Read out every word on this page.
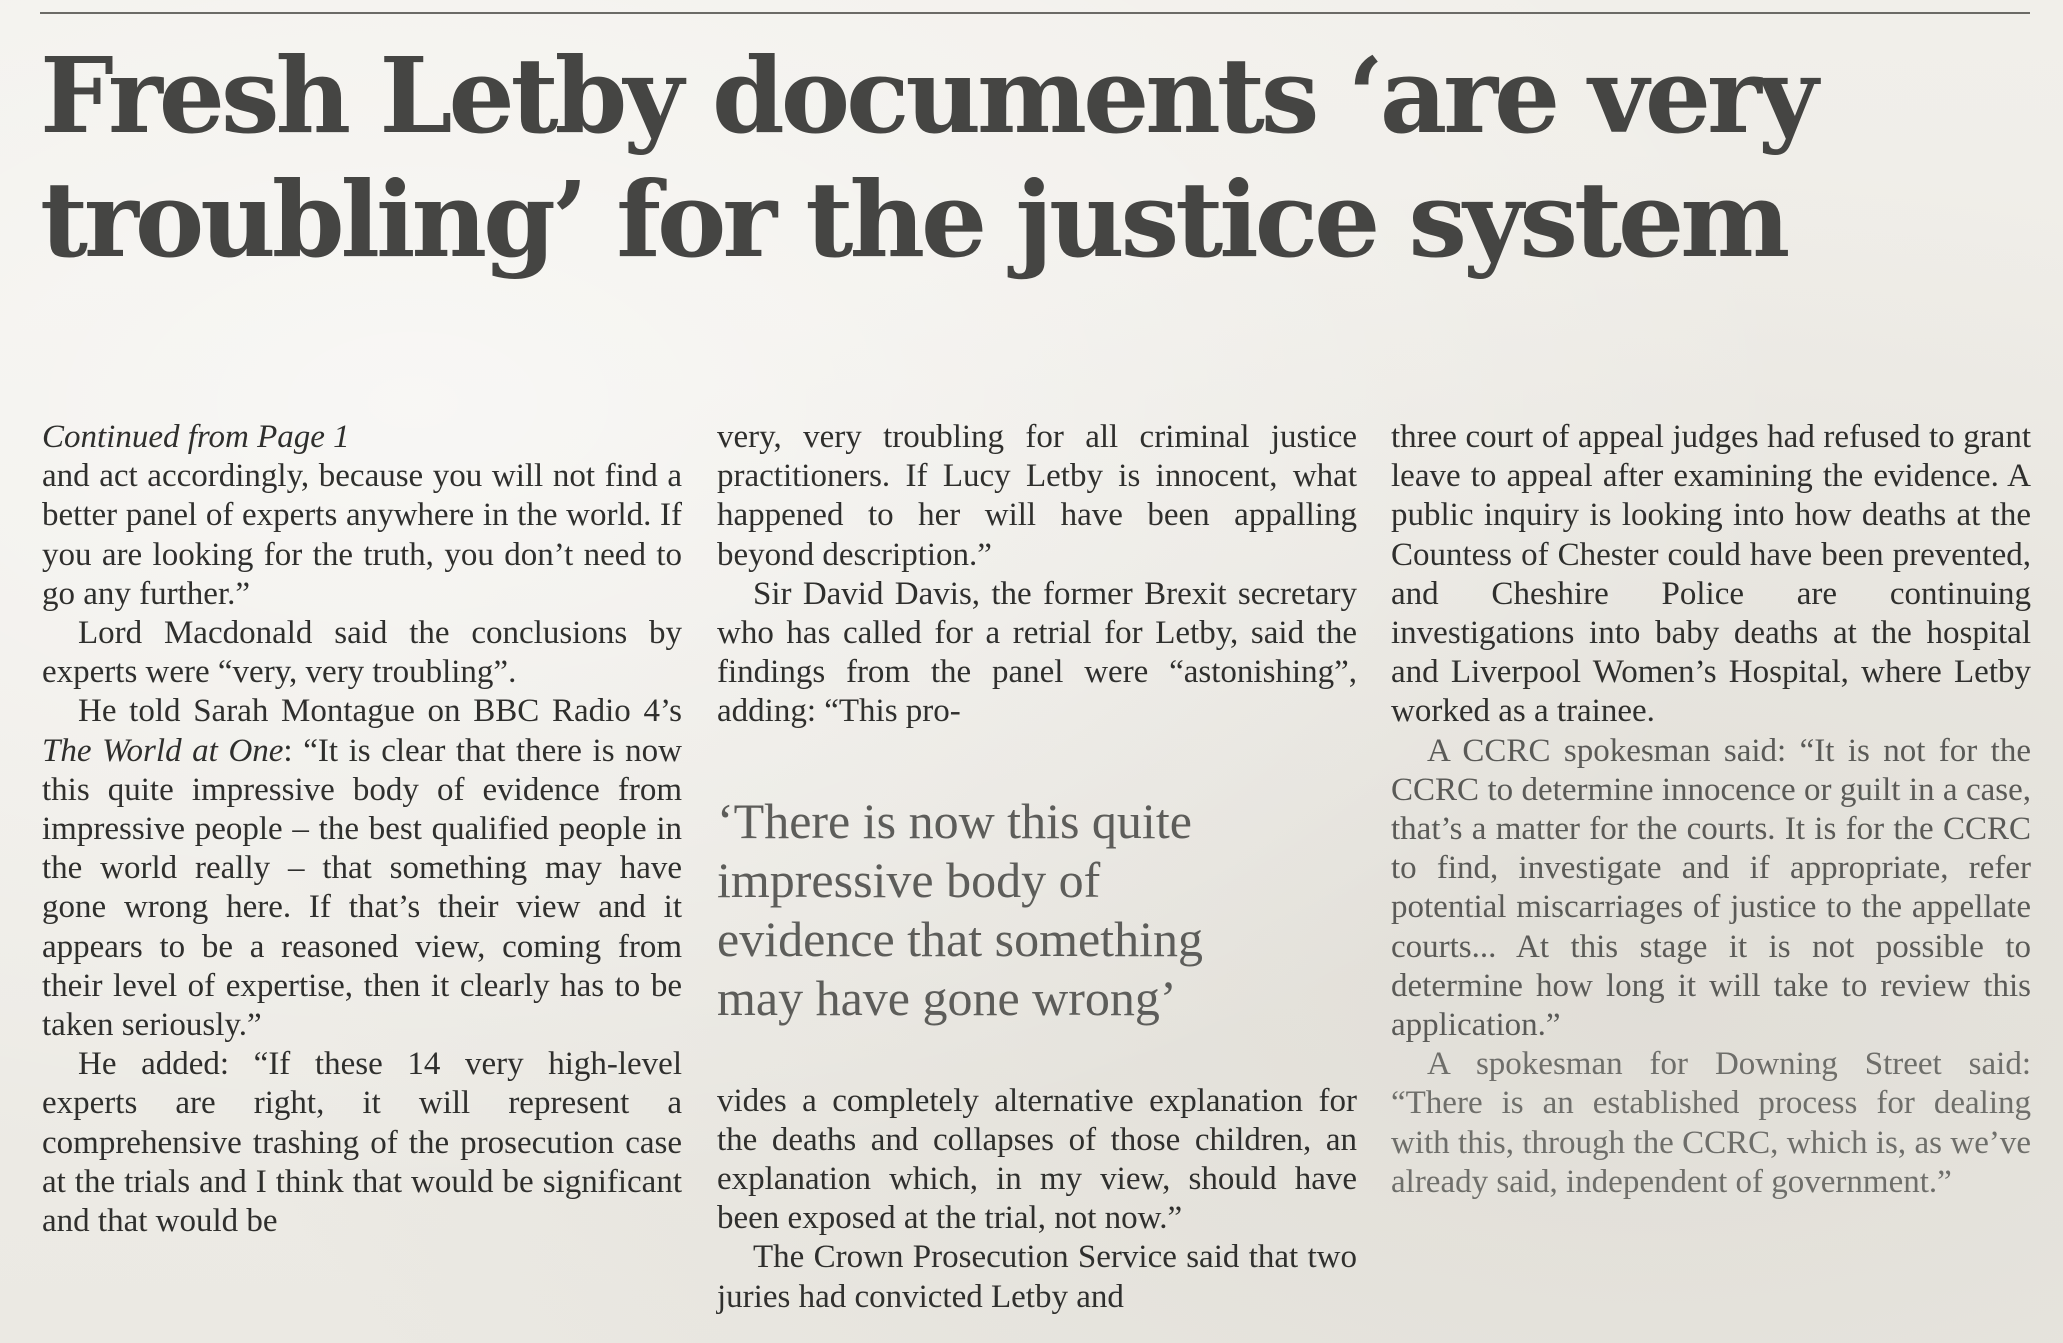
Fresh Letby documents ‘are very
troubling’ for the justice system

Continued from Page 1

and act accordingly, because you will not find a better panel of experts anywhere in the world. If you are looking for the truth, you don’t need to go any further.”

Lord Macdonald said the conclusions by experts were “very, very troubling”.

He told Sarah Montague on BBC Radio 4’s The World at One: “It is clear that there is now this quite impressive body of evidence from impressive people – the best qualified people in the world really – that something may have gone wrong here. If that’s their view and it appears to be a reasoned view, coming from their level of expertise, then it clearly has to be taken seriously.”

He added: “If these 14 very high-level experts are right, it will represent a comprehensive trashing of the prosecution case at the trials and I think that would be significant and that would be

very, very troubling for all criminal justice practitioners. If Lucy Letby is innocent, what happened to her will have been appalling beyond description.”

Sir David Davis, the former Brexit secretary who has called for a retrial for Letby, said the findings from the panel were “astonishing”, adding: “This pro-

‘There is now this quite impressive body of evidence that something may have gone wrong’

vides a completely alternative explanation for the deaths and collapses of those children, an explanation which, in my view, should have been exposed at the trial, not now.”

The Crown Prosecution Service said that two juries had convicted Letby and

three court of appeal judges had refused to grant leave to appeal after examining the evidence. A public inquiry is looking into how deaths at the Countess of Chester could have been prevented, and Cheshire Police are continuing investigations into baby deaths at the hospital and Liverpool Women’s Hospital, where Letby worked as a trainee.

A CCRC spokesman said: “It is not for the CCRC to determine innocence or guilt in a case, that’s a matter for the courts. It is for the CCRC to find, investigate and if appropriate, refer potential miscarriages of justice to the appellate courts... At this stage it is not possible to determine how long it will take to review this application.”

A spokesman for Downing Street said: “There is an established process for dealing with this, through the CCRC, which is, as we’ve already said, independent of government.”
